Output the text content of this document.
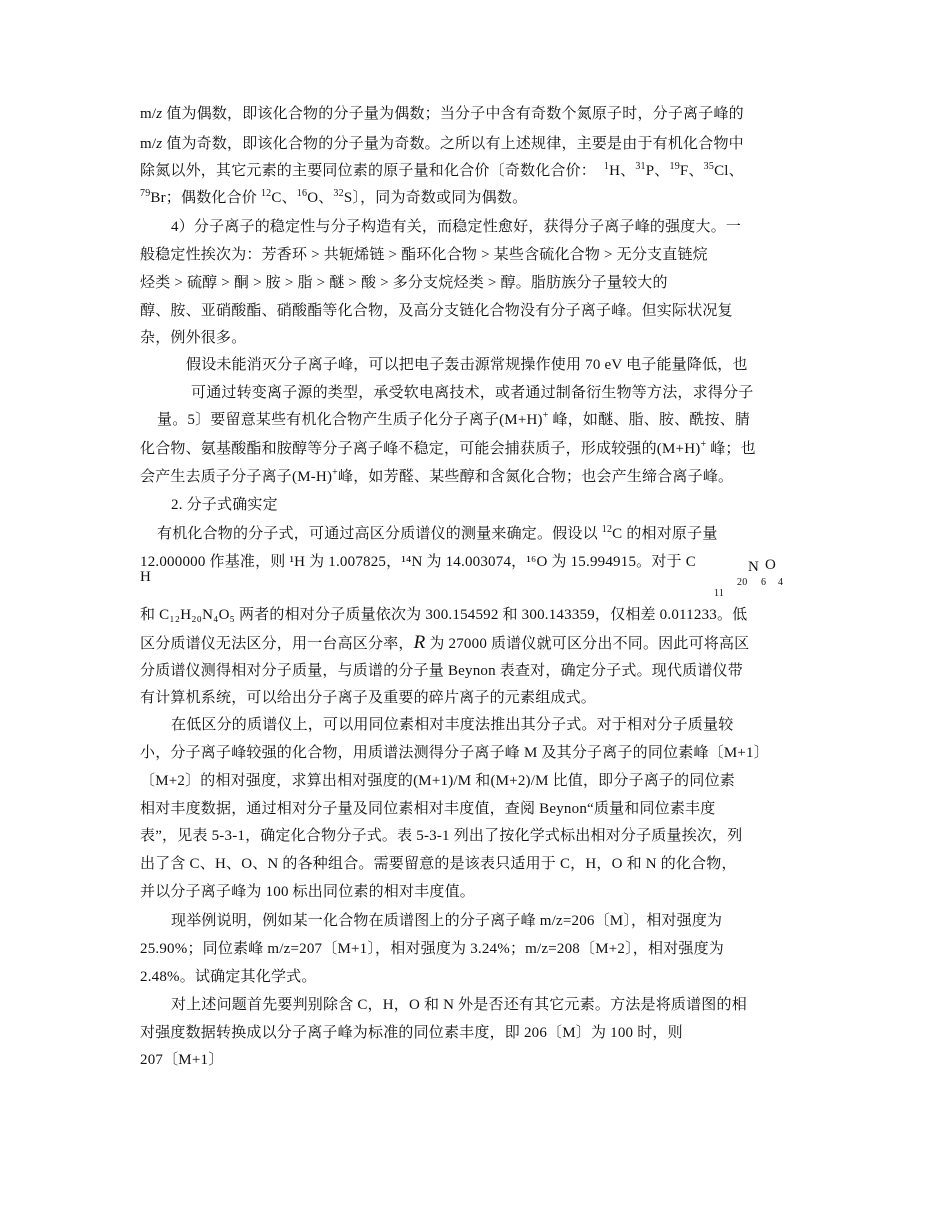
m/z 值为偶数，即该化合物的分子量为偶数；当分子中含有奇数个氮原子时，分子离子峰的
m/z 值为奇数，即该化合物的分子量为奇数。之所以有上述规律，主要是由于有机化合物中
除氮以外，其它元素的主要同位素的原子量和化合价〔奇数化合价： $^1$H、$^{31}$P、$^{19}$F、$^{35}$Cl、
$^{79}$Br；偶数化合价 $^{12}$C、$^{16}$O、$^{32}$S〕，同为奇数或同为偶数。
4）分子离子的稳定性与分子构造有关，而稳定性愈好，获得分子离子峰的强度大。一
般稳定性挨次为：芳香环 > 共轭烯链 > 酯环化合物 > 某些含硫化合物 > 无分支直链烷
烃类 > 硫醇 > 酮 > 胺 > 脂 > 醚 > 酸 > 多分支烷烃类 > 醇。脂肪族分子量较大的
醇、胺、亚硝酸酯、硝酸酯等化合物，及高分支链化合物没有分子离子峰。但实际状况复
杂，例外很多。
假设未能消灭分子离子峰，可以把电子轰击源常规操作使用 70 eV 电子能量降低，也
可通过转变离子源的类型，承受软电离技术，或者通过制备衍生物等方法，求得分子
量。5〕要留意某些有机化合物产生质子化分子离子(M+H)+ 峰，如醚、脂、胺、酰按、腈
化合物、氨基酸酯和胺醇等分子离子峰不稳定，可能会捕获质子，形成较强的(M+H)+ 峰；也
会产生去质子分子离子(M-H)+峰，如芳醛、某些醇和含氮化合物；也会产生缔合离子峰。
2. 分子式确实定
有机化合物的分子式，可通过高区分质谱仪的测量来确定。假设以 $^{12}$C 的相对原子量
12.000000 作基准，则 ¹H 为 1.007825，¹⁴N 为 14.003074，¹⁶O 为 15.994915。对于 C
H
N O
20 6 4
11
和 C₁₂H₂₀N₄O₅ 两者的相对分子质量依次为 300.154592 和 300.143359，仅相差 0.011233。低
区分质谱仪无法区分，用一台高区分率，R 为 27000 质谱仪就可区分出不同。因此可将高区
分质谱仪测得相对分子质量，与质谱的分子量 Beynon 表查对，确定分子式。现代质谱仪带
有计算机系统，可以给出分子离子及重要的碎片离子的元素组成式。
在低区分的质谱仪上，可以用同位素相对丰度法推出其分子式。对于相对分子质量较
小，分子离子峰较强的化合物，用质谱法测得分子离子峰 M 及其分子离子的同位素峰〔M+1〕
〔M+2〕的相对强度，求算出相对强度的(M+1)/M 和(M+2)/M 比值，即分子离子的同位素
相对丰度数据，通过相对分子量及同位素相对丰度值，查阅 Beynon“质量和同位素丰度
表”，见表 5-3-1，确定化合物分子式。表 5-3-1 列出了按化学式标出相对分子质量挨次，列
出了含 C、H、O、N 的各种组合。需要留意的是该表只适用于 C，H，O 和 N 的化合物，
并以分子离子峰为 100 标出同位素的相对丰度值。
现举例说明，例如某一化合物在质谱图上的分子离子峰 m/z=206〔M〕，相对强度为
25.90%；同位素峰 m/z=207〔M+1〕，相对强度为 3.24%；m/z=208〔M+2〕，相对强度为
2.48%。试确定其化学式。
对上述问题首先要判别除含 C，H，O 和 N 外是否还有其它元素。方法是将质谱图的相
对强度数据转换成以分子离子峰为标准的同位素丰度，即 206〔M〕为 100 时，则
207〔M+1〕
